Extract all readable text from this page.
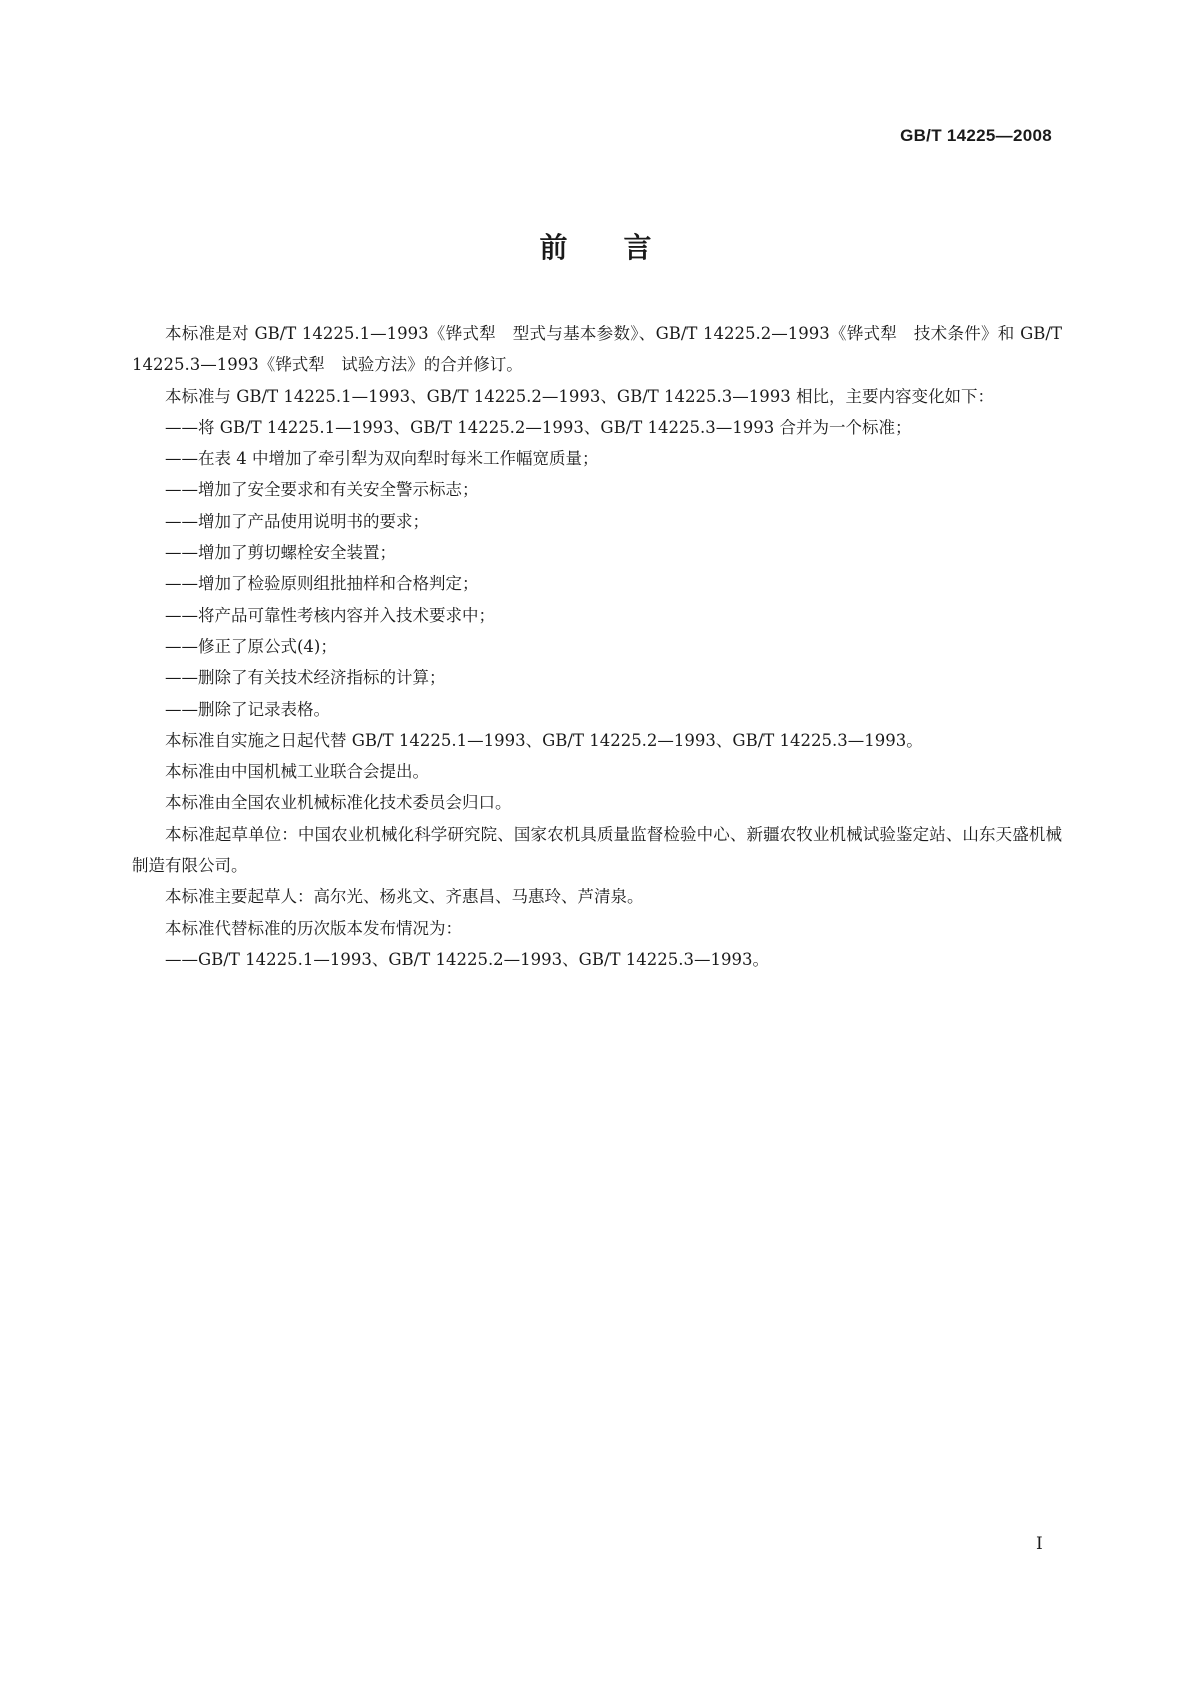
GB/T 14225—2008
前言

本标准是对 GB/T 14225.1—1993《铧式犁　型式与基本参数》、GB/T 14225.2—1993《铧式犁　技术条件》和 GB/T 14225.3—1993《铧式犁　试验方法》的合并修订。

本标准与 GB/T 14225.1—1993、GB/T 14225.2—1993、GB/T 14225.3—1993 相比，主要内容变化如下：

——将 GB/T 14225.1—1993、GB/T 14225.2—1993、GB/T 14225.3—1993 合并为一个标准；

——在表 4 中增加了牵引犁为双向犁时每米工作幅宽质量；

——增加了安全要求和有关安全警示标志；

——增加了产品使用说明书的要求；

——增加了剪切螺栓安全装置；

——增加了检验原则组批抽样和合格判定；

——将产品可靠性考核内容并入技术要求中；

——修正了原公式(4)；

——删除了有关技术经济指标的计算；

——删除了记录表格。

本标准自实施之日起代替 GB/T 14225.1—1993、GB/T 14225.2—1993、GB/T 14225.3—1993。

本标准由中国机械工业联合会提出。

本标准由全国农业机械标准化技术委员会归口。

本标准起草单位：中国农业机械化科学研究院、国家农机具质量监督检验中心、新疆农牧业机械试验鉴定站、山东天盛机械制造有限公司。

本标准主要起草人：高尔光、杨兆文、齐惠昌、马惠玲、芦清泉。

本标准代替标准的历次版本发布情况为：

——GB/T 14225.1—1993、GB/T 14225.2—1993、GB/T 14225.3—1993。

I
